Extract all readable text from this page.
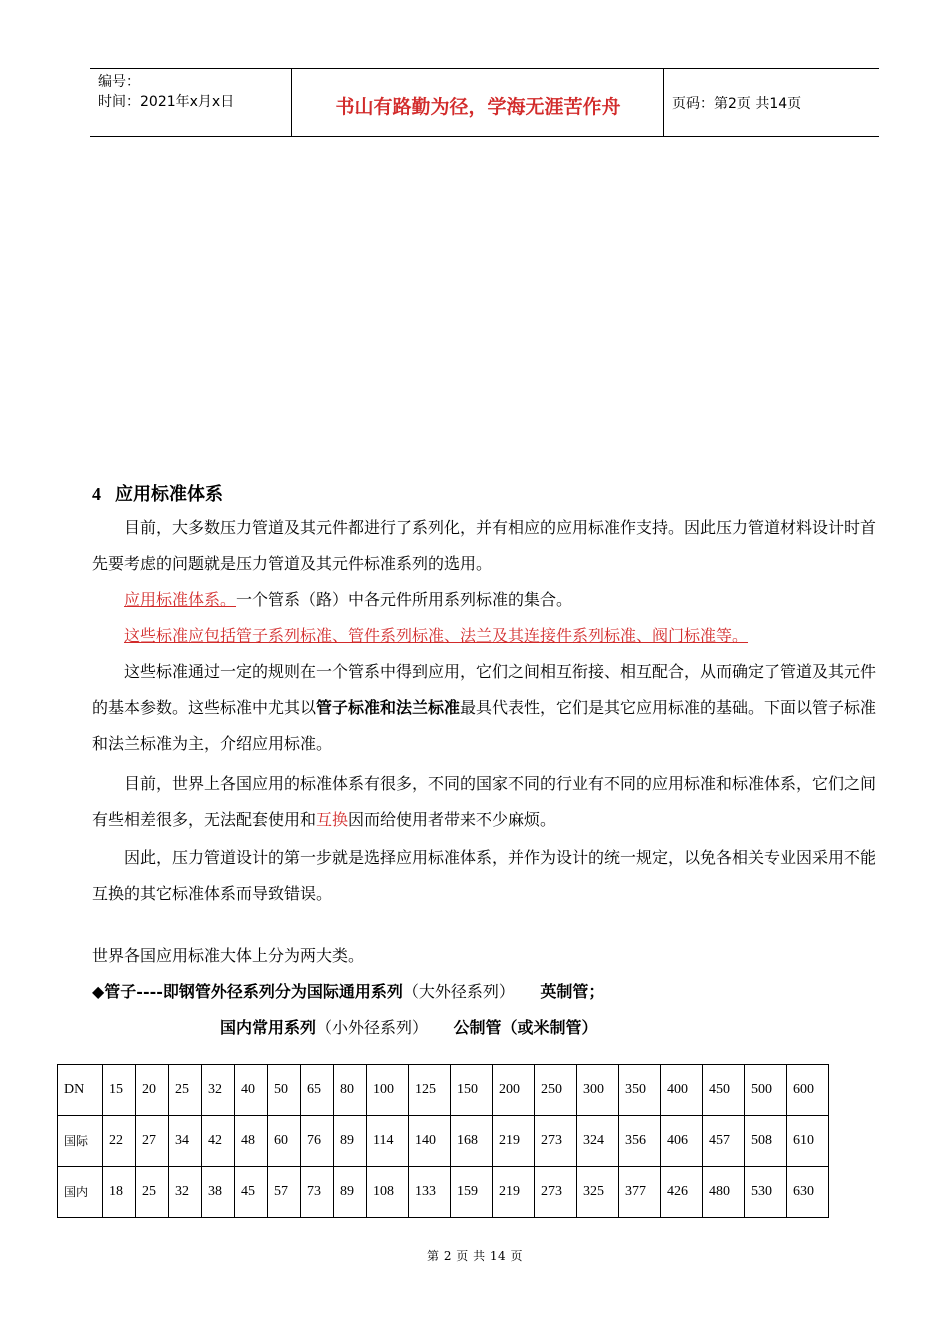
编号：
时间：2021年x月x日	书山有路勤为径，学海无涯苦作舟	页码：第2页 共14页
4 应用标准体系
目前，大多数压力管道及其元件都进行了系列化，并有相应的应用标准作支持。因此压力管道材料设计时首先要考虑的问题就是压力管道及其元件标准系列的选用。
应用标准体系。一个管系（路）中各元件所用系列标准的集合。
这些标准应包括管子系列标准、管件系列标准、法兰及其连接件系列标准、阀门标准等。
这些标准通过一定的规则在一个管系中得到应用，它们之间相互衔接、相互配合，从而确定了管道及其元件的基本参数。这些标准中尤其以管子标准和法兰标准最具代表性，它们是其它应用标准的基础。下面以管子标准和法兰标准为主，介绍应用标准。
目前，世界上各国应用的标准体系有很多，不同的国家不同的行业有不同的应用标准和标准体系，它们之间有些相差很多，无法配套使用和互换因而给使用者带来不少麻烦。
因此，压力管道设计的第一步就是选择应用标准体系，并作为设计的统一规定，以免各相关专业因采用不能互换的其它标准体系而导致错误。
世界各国应用标准大体上分为两大类。
◆管子----即钢管外径系列分为国际通用系列（大外径系列） 英制管；
国内常用系列（小外径系列） 公制管（或米制管）
DN	15	20	25	32	40	50	65	80	100	125	150	200	250	300	350	400	450	500	600
国际	22	27	34	42	48	60	76	89	114	140	168	219	273	324	356	406	457	508	610
国内	18	25	32	38	45	57	73	89	108	133	159	219	273	325	377	426	480	530	630
第 2 页 共 14 页
